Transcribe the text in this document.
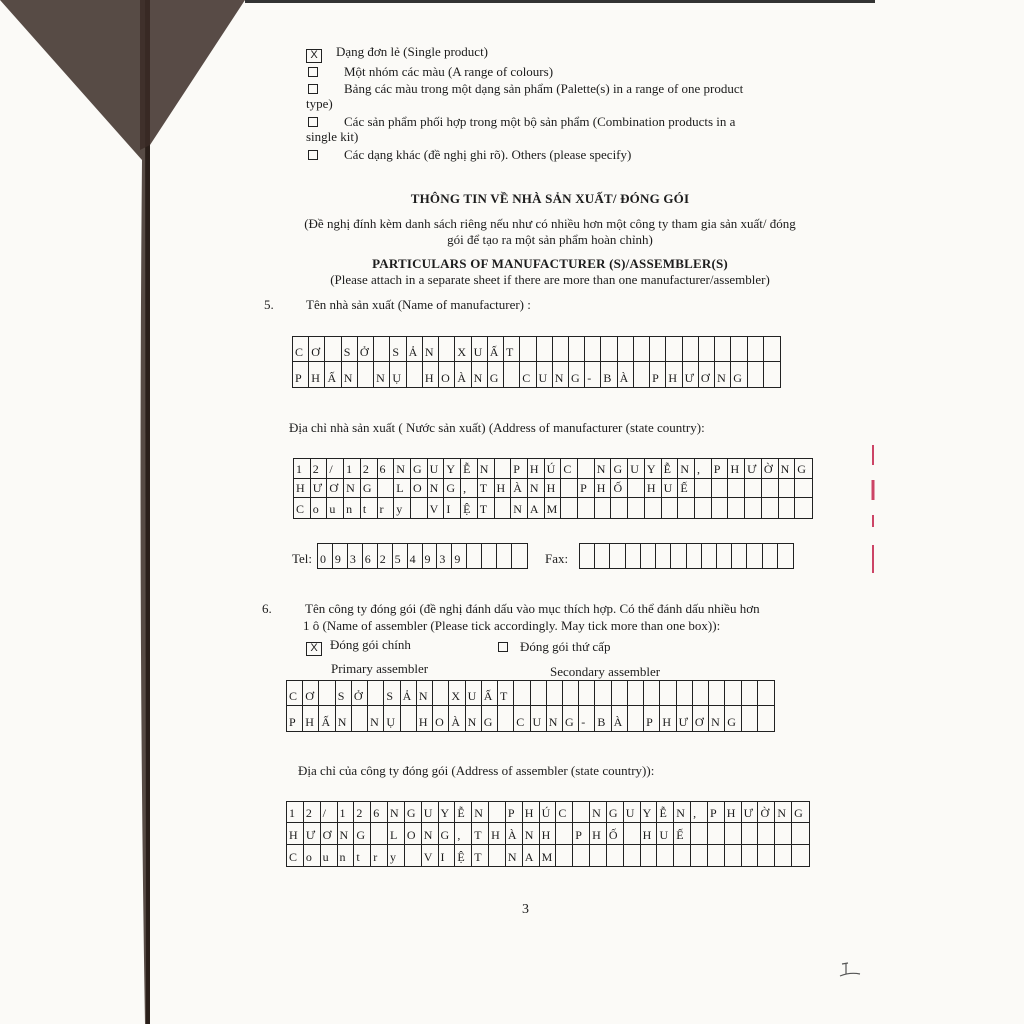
X Dạng đơn lẻ (Single product)
Một nhóm các màu (A range of colours)
Bảng các màu trong một dạng sản phẩm (Palette(s) in a range of one product
type)
Các sản phẩm phối hợp trong một bộ sản phẩm (Combination products in a
single kit)
Các dạng khác (đề nghị ghi rõ). Others (please specify)
THÔNG TIN VỀ NHÀ SẢN XUẤT/ ĐÓNG GÓI
(Đề nghị đính kèm danh sách riêng nếu như có nhiều hơn một công ty tham gia sản xuất/ đóng
gói để tạo ra một sản phẩm hoàn chỉnh)
PARTICULARS OF MANUFACTURER (S)/ASSEMBLER(S)
(Please attach in a separate sheet if there are more than one manufacturer/assembler)
5. Tên nhà sản xuất (Name of manufacturer) :
C Ơ	S Ở	S Ả N	X U Ấ T
P H Ấ N	N Ụ	H O À N G	C U N G -	B À	P H Ư Ơ N G
Địa chỉ nhà sản xuất ( Nước sản xuất) (Address of manufacturer (state country):
1 2 /	1 2 6 N G U Y Ễ N	P H Ú C	N G U Y Ễ N ,	P H Ư Ờ N G
H Ư Ơ N G	L O N G ,	T H À N H	P H Ố	H U Ế
C o u n t	r	y	V I	Ệ T	N A M
Tel: 0 9 3 6 2 5 4 9 3 9	Fax:
6.	Tên công ty đóng gói (đề nghị đánh dấu vào mục thích hợp. Có thể đánh dấu nhiều hơn
1 ô (Name of assembler (Please tick accordingly. May tick more than one box)):
X Đóng gói chính	Đóng gói thứ cấp
Primary assembler	Secondary assembler
C Ơ	S Ở	S Ả N	X U Ấ T
P H Ấ N	N Ụ	H O À N G	C U N G -	B À	P H Ư Ơ N G
Địa chỉ của công ty đóng gói (Address of assembler (state country)):
1 2 /	1 2 6 N G U Y Ễ N	P H Ú C	N G U Y Ễ N ,	P H Ư Ờ N G
H Ư Ơ N G	L O N G ,	T H À N H	P H Ố	H U Ế
C o u n t	r	y	V I	Ệ T	N A M
3
